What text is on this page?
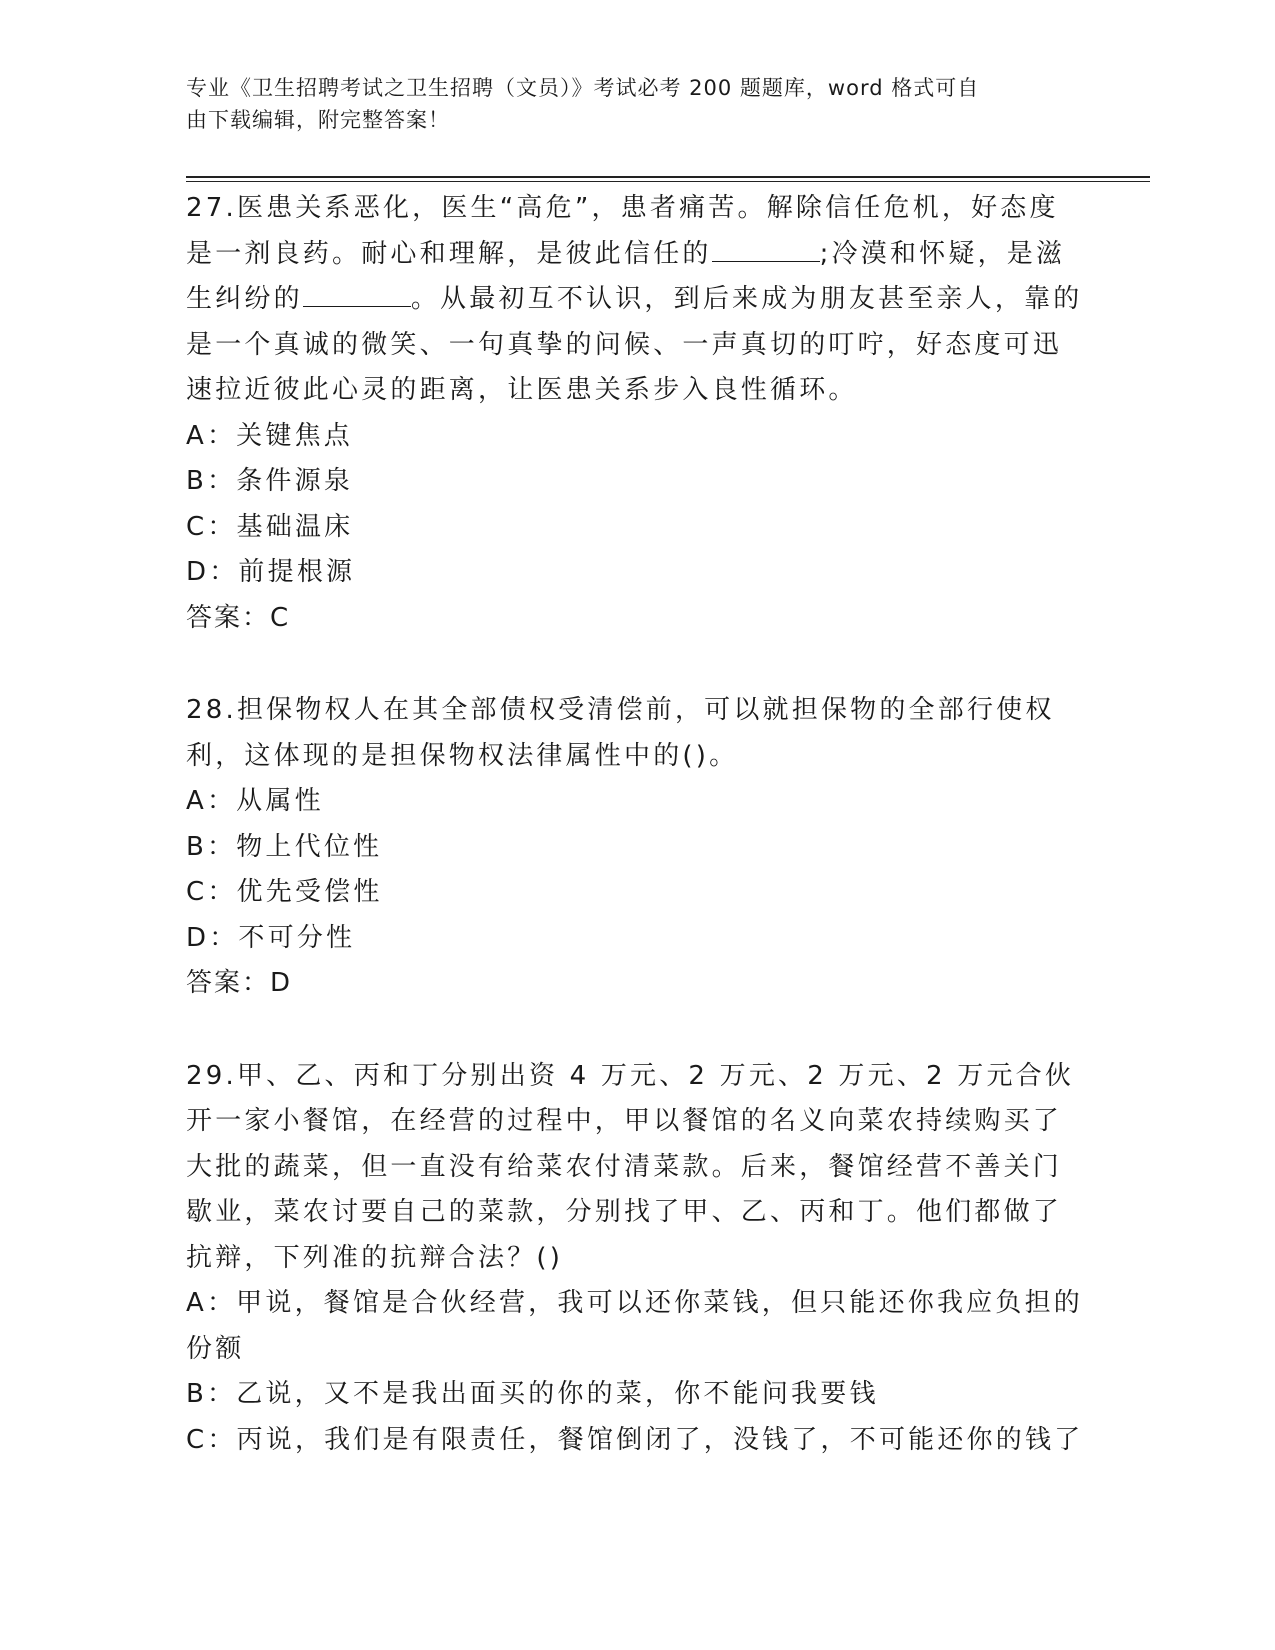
专业《卫生招聘考试之卫生招聘（文员）》考试必考 200 题题库，word 格式可自
由下载编辑，附完整答案！

27.医患关系恶化，医生“高危”，患者痛苦。解除信任危机，好态度是一剂良药。耐心和理解，是彼此信任的	;冷漠和怀疑，是滋生纠纷的	。从最初互不认识，到后来成为朋友甚至亲人，靠的是一个真诚的微笑、一句真挚的问候、一声真切的叮咛，好态度可迅速拉近彼此心灵的距离，让医患关系步入良性循环。

A：关键焦点

B：条件源泉

C：基础温床

D：前提根源

答案：C

28.担保物权人在其全部债权受清偿前，可以就担保物的全部行使权利，这体现的是担保物权法律属性中的()。

A：从属性

B：物上代位性

C：优先受偿性

D：不可分性

答案：D

29.甲、乙、丙和丁分别出资 4 万元、2 万元、2 万元、2 万元合伙开一家小餐馆，在经营的过程中，甲以餐馆的名义向菜农持续购买了大批的蔬菜，但一直没有给菜农付清菜款。后来，餐馆经营不善关门歇业，菜农讨要自己的菜款，分别找了甲、乙、丙和丁。他们都做了抗辩，下列准的抗辩合法？()

A：甲说，餐馆是合伙经营，我可以还你菜钱，但只能还你我应负担的份额

B：乙说，又不是我出面买的你的菜，你不能问我要钱

C：丙说，我们是有限责任，餐馆倒闭了，没钱了，不可能还你的钱了
